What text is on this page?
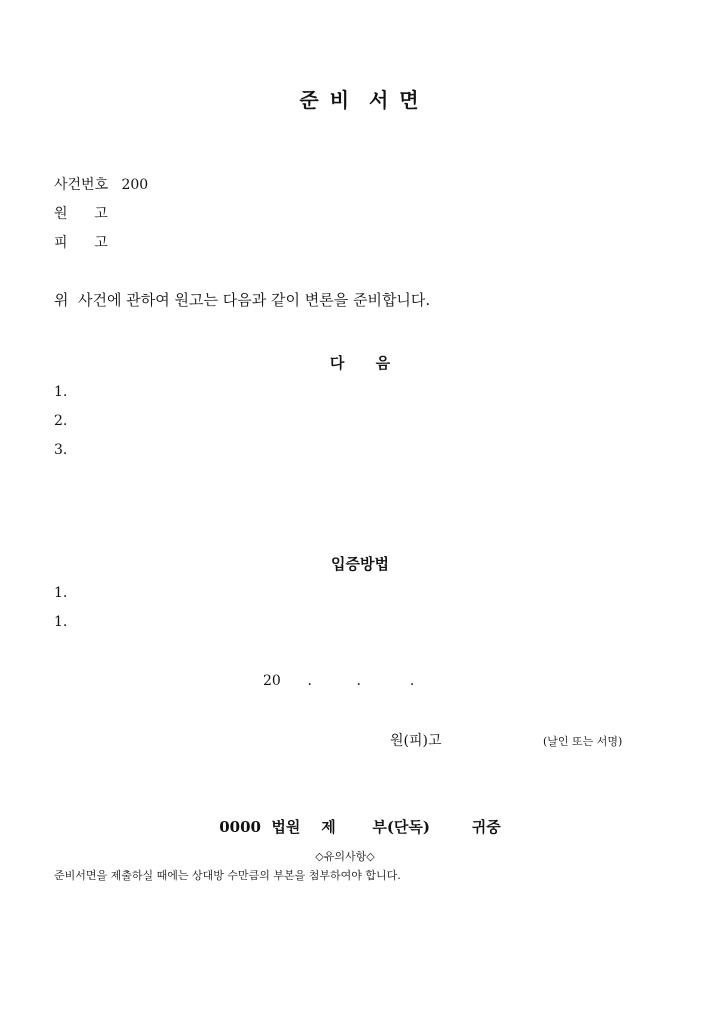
준 비  서 면
사건번호   200
원      고
피      고
위  사건에 관하여 원고는 다음과 같이 변론을 준비합니다.
다      음
1.
2.
3.
입증방법
1.
1.
20      .          .           .
원(피)고	(날인 또는 서명)
0000  법원    제       부(단독)        귀중
◇유의사항◇
준비서면을 제출하실 때에는 상대방 수만큼의 부본을 첨부하여야 합니다.
